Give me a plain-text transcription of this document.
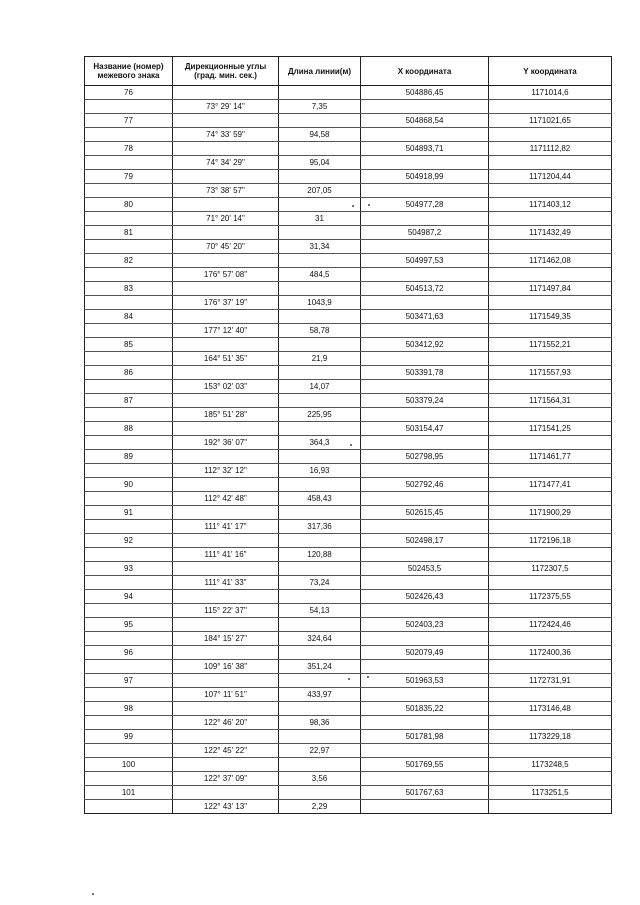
Название (номер) межевого знака	Дирекционные углы (град. мин. сек.)	Длина линии(м)	X координата	Y координата
76			504886,45	1171014,6
	73° 29' 14"	7,35		
77			504868,54	1171021,65
	74° 33' 59"	94,58		
78			504893,71	1171112,82
	74° 34' 29"	95,04		
79			504918,99	1171204,44
	73° 38' 57"	207,05		
80			504977,28	1171403,12
	71° 20' 14"	31		
81			504987,2	1171432,49
	70° 45' 20"	31,34		
82			504997,53	1171462,08
	176° 57' 08"	484,5		
83			504513,72	1171497,84
	176° 37' 19"	1043,9		
84			503471,63	1171549,35
	177° 12' 40"	58,78		
85			503412,92	1171552,21
	164° 51' 35"	21,9		
86			503391,78	1171557,93
	153° 02' 03"	14,07		
87			503379,24	1171564,31
	185° 51' 28"	225,95		
88			503154,47	1171541,25
	192° 36' 07"	364,3		
89			502798,95	1171461,77
	112° 32' 12"	16,93		
90			502792,46	1171477,41
	112° 42' 48"	458,43		
91			502615,45	1171900,29
	111° 41' 17"	317,36		
92			502498,17	1172196,18
	111° 41' 16"	120,88		
93			502453,5	1172307,5
	111° 41' 33"	73,24		
94			502426,43	1172375,55
	115° 22' 37"	54,13		
95			502403,23	1172424,46
	184° 15' 27"	324,64		
96			502079,49	1172400,36
	109° 16' 38"	351,24		
97			501963,53	1172731,91
	107° 11' 51"	433,97		
98			501835,22	1173146,48
	122° 46' 20"	98,36		
99			501781,98	1173229,18
	122° 45' 22"	22,97		
100			501769,55	1173248,5
	122° 37' 09"	3,56		
101			501767,63	1173251,5
	122° 43' 13"	2,29		
